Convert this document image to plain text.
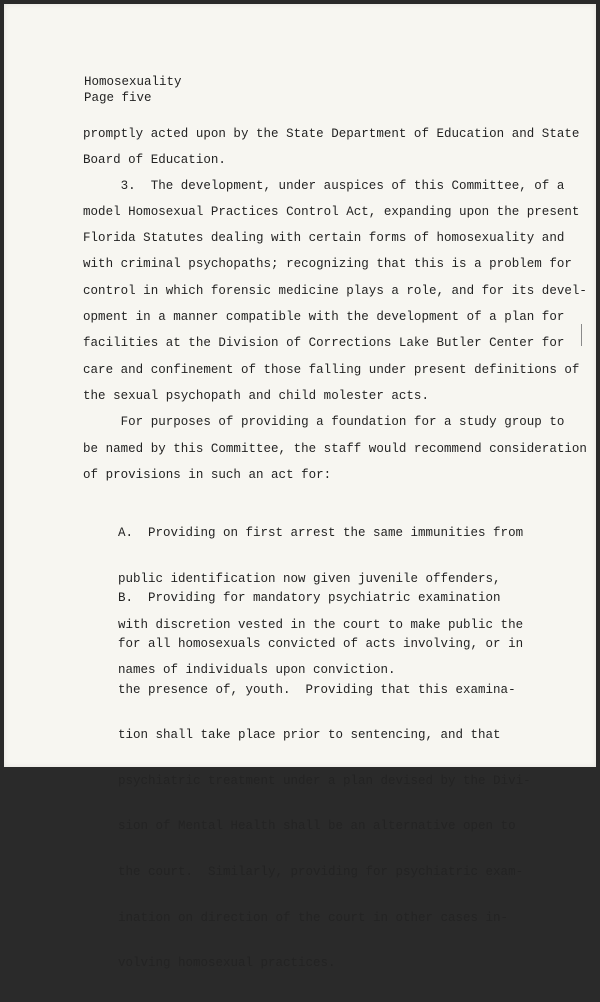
Homosexuality
Page five
promptly acted upon by the State Department of Education and State
Board of Education.
3.  The development, under auspices of this Committee, of a
model Homosexual Practices Control Act, expanding upon the present
Florida Statutes dealing with certain forms of homosexuality and
with criminal psychopaths; recognizing that this is a problem for
control in which forensic medicine plays a role, and for its devel-
opment in a manner compatible with the development of a plan for
facilities at the Division of Corrections Lake Butler Center for
care and confinement of those falling under present definitions of
the sexual psychopath and child molester acts.
For purposes of providing a foundation for a study group to
be named by this Committee, the staff would recommend consideration
of provisions in such an act for:

A.  Providing on first arrest the same immunities from

public identification now given juvenile offenders,

with discretion vested in the court to make public the

names of individuals upon conviction.

B.  Providing for mandatory psychiatric examination

for all homosexuals convicted of acts involving, or in

the presence of, youth.  Providing that this examina-

tion shall take place prior to sentencing, and that

psychiatric treatment under a plan devised by the Divi-

sion of Mental Health shall be an alternative open to

the court.  Similarly, providing for psychiatric exam-

ination on direction of the court in other cases in-

volving homosexual practices.
